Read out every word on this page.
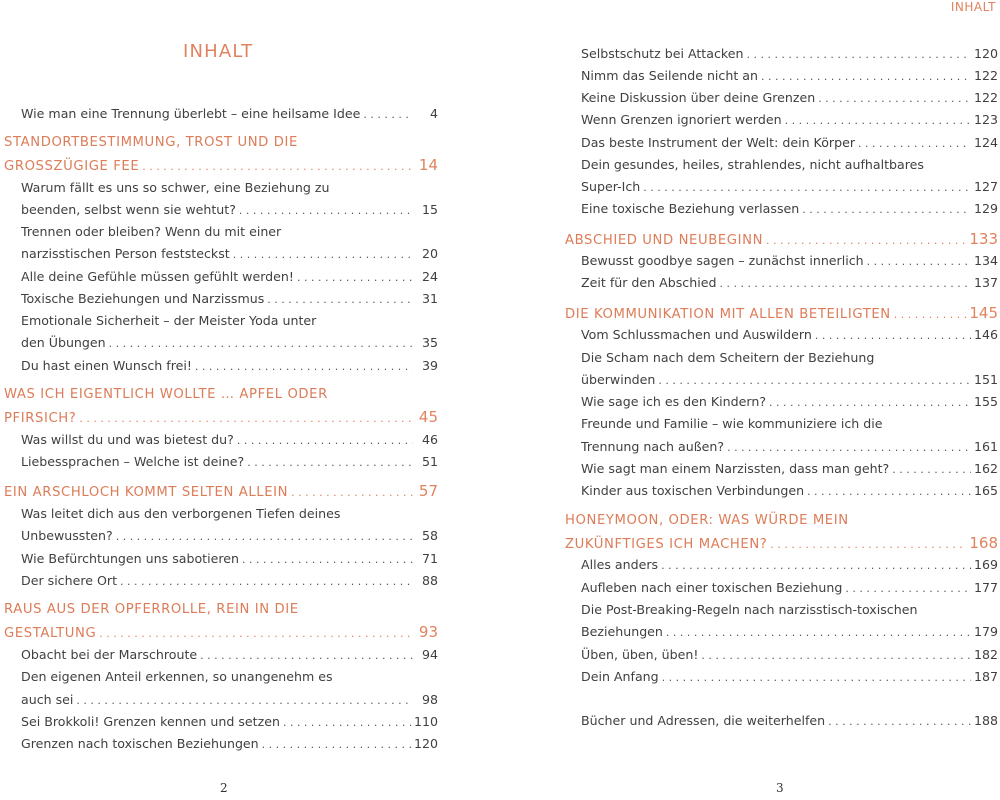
INHALT
INHALT
Wie man eine Trennung überlebt – eine heilsame Idee . . .	4
STANDORTBESTIMMUNG, TROST UND DIE
GROSSZÜGIGE FEE . . .	14
Warum fällt es uns so schwer, eine Beziehung zu
beenden, selbst wenn sie wehtut? . . .	15
Trennen oder bleiben? Wenn du mit einer
narzisstischen Person feststeckst . . .	20
Alle deine Gefühle müssen gefühlt werden! . . .	24
Toxische Beziehungen und Narzissmus . . .	31
Emotionale Sicherheit – der Meister Yoda unter
den Übungen . . .	35
Du hast einen Wunsch frei! . . .	39
WAS ICH EIGENTLICH WOLLTE … APFEL ODER
PFIRSICH? . . .	45
Was willst du und was bietest du? . . .	46
Liebessprachen – Welche ist deine? . . .	51
EIN ARSCHLOCH KOMMT SELTEN ALLEIN . . .	57
Was leitet dich aus den verborgenen Tiefen deines
Unbewussten? . . .	58
Wie Befürchtungen uns sabotieren . . .	71
Der sichere Ort . . .	88
RAUS AUS DER OPFERROLLE, REIN IN DIE
GESTALTUNG . . .	93
Obacht bei der Marschroute . . .	94
Den eigenen Anteil erkennen, so unangenehm es
auch sei . . .	98
Sei Brokkoli! Grenzen kennen und setzen . . .	110
Grenzen nach toxischen Beziehungen . . .	120
Selbstschutz bei Attacken . . .	120
Nimm das Seilende nicht an . . .	122
Keine Diskussion über deine Grenzen . . .	122
Wenn Grenzen ignoriert werden . . .	123
Das beste Instrument der Welt: dein Körper . . .	124
Dein gesundes, heiles, strahlendes, nicht aufhaltbares
Super-Ich . . .	127
Eine toxische Beziehung verlassen . . .	129
ABSCHIED UND NEUBEGINN . . .	133
Bewusst goodbye sagen – zunächst innerlich . . .	134
Zeit für den Abschied . . .	137
DIE KOMMUNIKATION MIT ALLEN BETEILIGTEN . . .	145
Vom Schlussmachen und Auswildern . . .	146
Die Scham nach dem Scheitern der Beziehung
überwinden . . .	151
Wie sage ich es den Kindern? . . .	155
Freunde und Familie – wie kommuniziere ich die
Trennung nach außen? . . .	161
Wie sagt man einem Narzissten, dass man geht? . . .	162
Kinder aus toxischen Verbindungen . . .	165
HONEYMOON, ODER: WAS WÜRDE MEIN
ZUKÜNFTIGES ICH MACHEN? . . .	168
Alles anders . . .	169
Aufleben nach einer toxischen Beziehung . . .	177
Die Post-Breaking-Regeln nach narzisstisch-toxischen
Beziehungen . . .	179
Üben, üben, üben! . . .	182
Dein Anfang . . .	187
Bücher und Adressen, die weiterhelfen . . .	188
2	3
